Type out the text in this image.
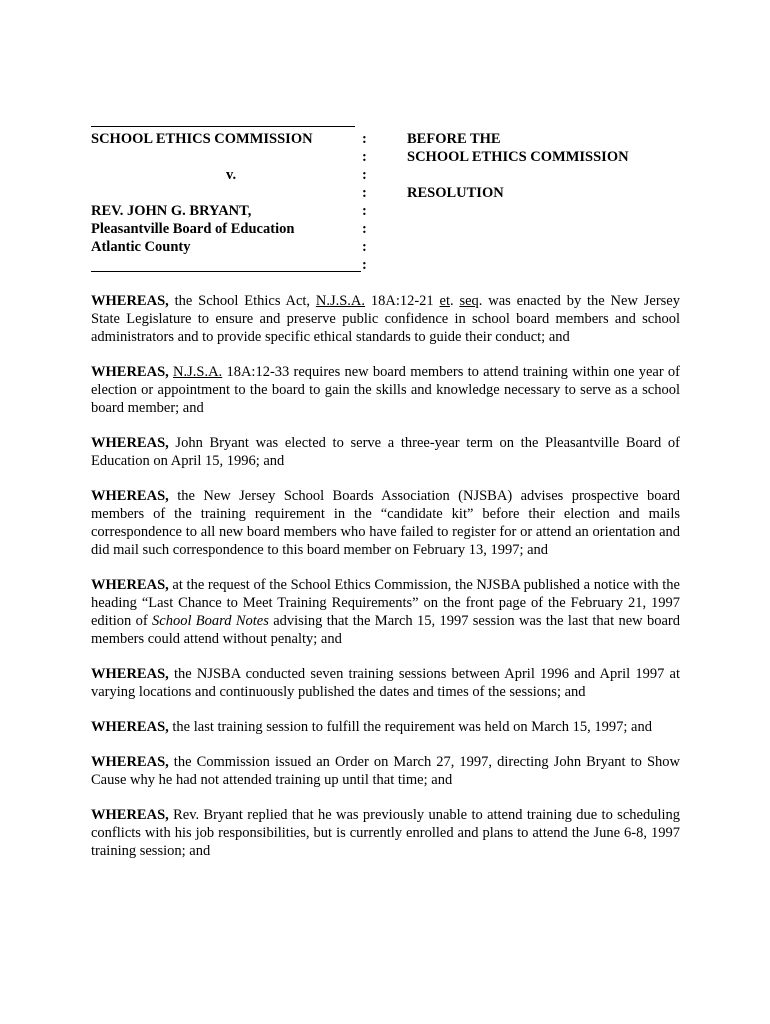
SCHOOL ETHICS COMMISSION
v.
REV. JOHN G. BRYANT,
Pleasantville Board of Education
Atlantic County
:
:
:
:
:
:
:
:
BEFORE THE
SCHOOL ETHICS COMMISSION
RESOLUTION

WHEREAS, the School Ethics Act, N.J.S.A. 18A:12-21 et. seq. was enacted by the New Jersey State Legislature to ensure and preserve public confidence in school board members and school administrators and to provide specific ethical standards to guide their conduct; and

WHEREAS, N.J.S.A. 18A:12-33 requires new board members to attend training within one year of election or appointment to the board to gain the skills and knowledge necessary to serve as a school board member; and

WHEREAS, John Bryant was elected to serve a three-year term on the Pleasantville Board of Education on April 15, 1996; and

WHEREAS, the New Jersey School Boards Association (NJSBA) advises prospective board members of the training requirement in the “candidate kit” before their election and mails correspondence to all new board members who have failed to register for or attend an orientation and did mail such correspondence to this board member on February 13, 1997; and

WHEREAS, at the request of the School Ethics Commission, the NJSBA published a notice with the heading “Last Chance to Meet Training Requirements” on the front page of the February 21, 1997 edition of School Board Notes advising that the March 15, 1997 session was the last that new board members could attend without penalty; and

WHEREAS, the NJSBA conducted seven training sessions between April 1996 and April 1997 at varying locations and continuously published the dates and times of the sessions; and

WHEREAS, the last training session to fulfill the requirement was held on March 15, 1997; and

WHEREAS, the Commission issued an Order on March 27, 1997, directing John Bryant to Show Cause why he had not attended training up until that time; and

WHEREAS, Rev. Bryant replied that he was previously unable to attend training due to scheduling conflicts with his job responsibilities, but is currently enrolled and plans to attend the June 6-8, 1997 training session; and
